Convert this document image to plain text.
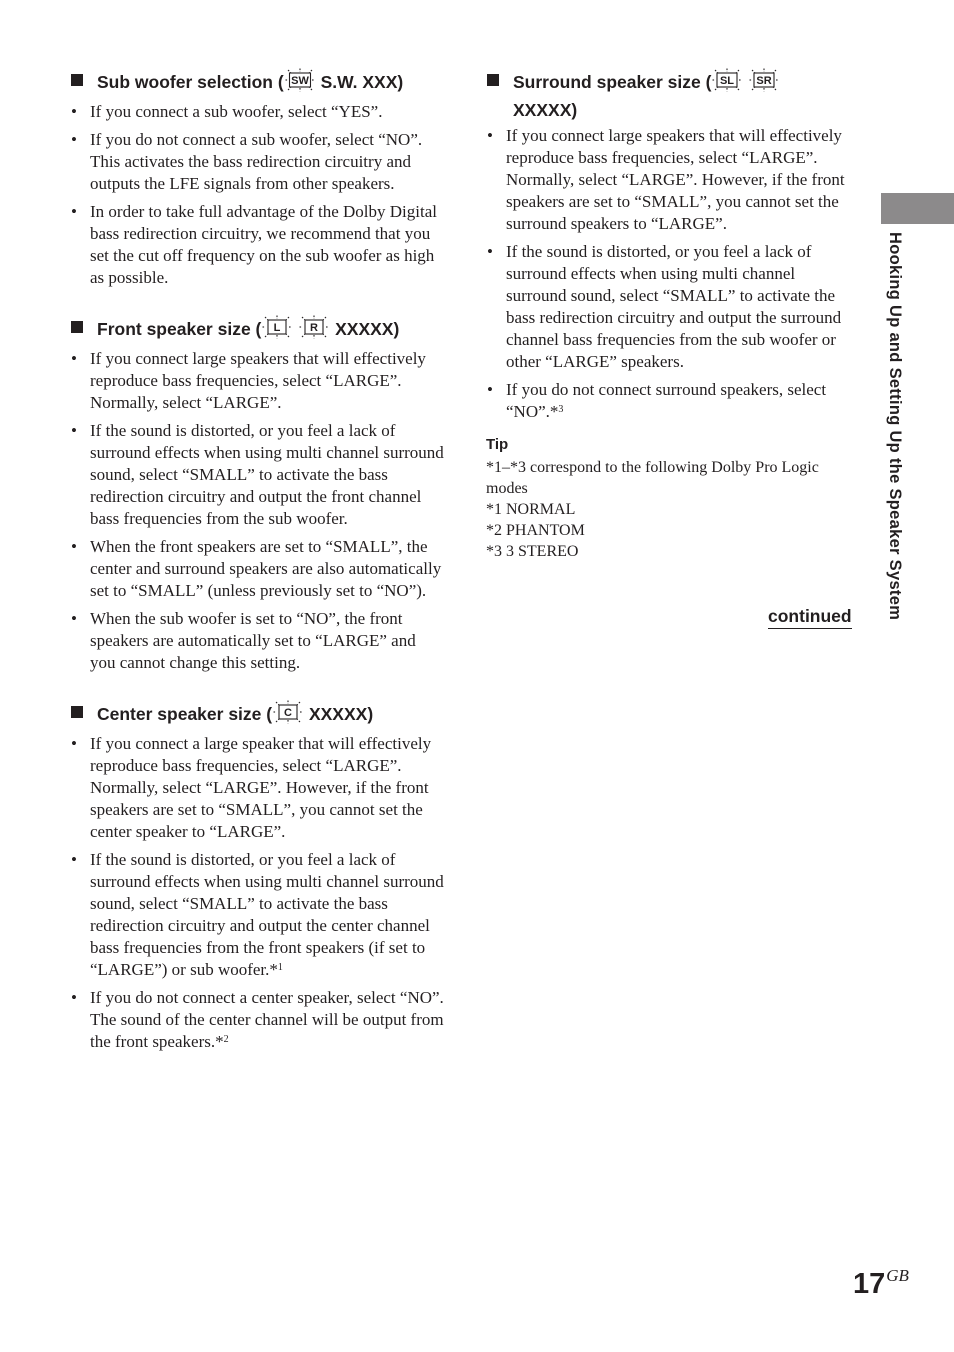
Sub woofer selection ( SW S.W. XXX)
• If you connect a sub woofer, select “YES”.
• If you do not connect a sub woofer, select “NO”. This activates the bass redirection circuitry and outputs the LFE signals from other speakers.
• In order to take full advantage of the Dolby Digital bass redirection circuitry, we recommend that you set the cut off frequency on the sub woofer as high as possible.
Front speaker size ( L
	R XXXXX)
• If you connect large speakers that will effectively reproduce bass frequencies, select “LARGE”. Normally, select “LARGE”.
• If the sound is distorted, or you feel a lack of surround effects when using multi channel surround sound, select “SMALL” to activate the bass redirection circuitry and output the front channel bass frequencies from the sub woofer.
• When the front speakers are set to “SMALL”, the center and surround speakers are also automatically set to “SMALL” (unless previously set to “NO”).
• When the sub woofer is set to “NO”, the front speakers are automatically set to “LARGE” and you cannot change this setting.
Center speaker size ( C XXXXX)
• If you connect a large speaker that will effectively reproduce bass frequencies, select “LARGE”. Normally, select “LARGE”. However, if the front speakers are set to “SMALL”, you cannot set the center speaker to “LARGE”.
• If the sound is distorted, or you feel a lack of surround effects when using multi channel surround sound, select “SMALL” to activate the bass redirection circuitry and output the center channel bass frequencies from the front speakers (if set to “LARGE”) or sub woofer.*$^1$
• If you do not connect a center speaker, select “NO”. The sound of the center channel will be output from the front speakers.*$^2$
Surround speaker size ( SL
SR

XXXXX)
• If you connect large speakers that will effectively reproduce bass frequencies, select “LARGE”. Normally, select “LARGE”. However, if the front speakers are set to “SMALL”, you cannot set the surround speakers to “LARGE”.
• If the sound is distorted, or you feel a lack of surround effects when using multi channel surround sound, select “SMALL” to activate the bass redirection circuitry and output the surround channel bass frequencies from the sub woofer or other “LARGE” speakers.
• If you do not connect surround speakers, select “NO”.*$^3$
Tip
*1–*3 correspond to the following Dolby Pro Logic modes
*1 NORMAL
*2 PHANTOM
*3 3 STEREO
continued Hooking Up and Setting Up the Speaker System
$17^{GB}$
